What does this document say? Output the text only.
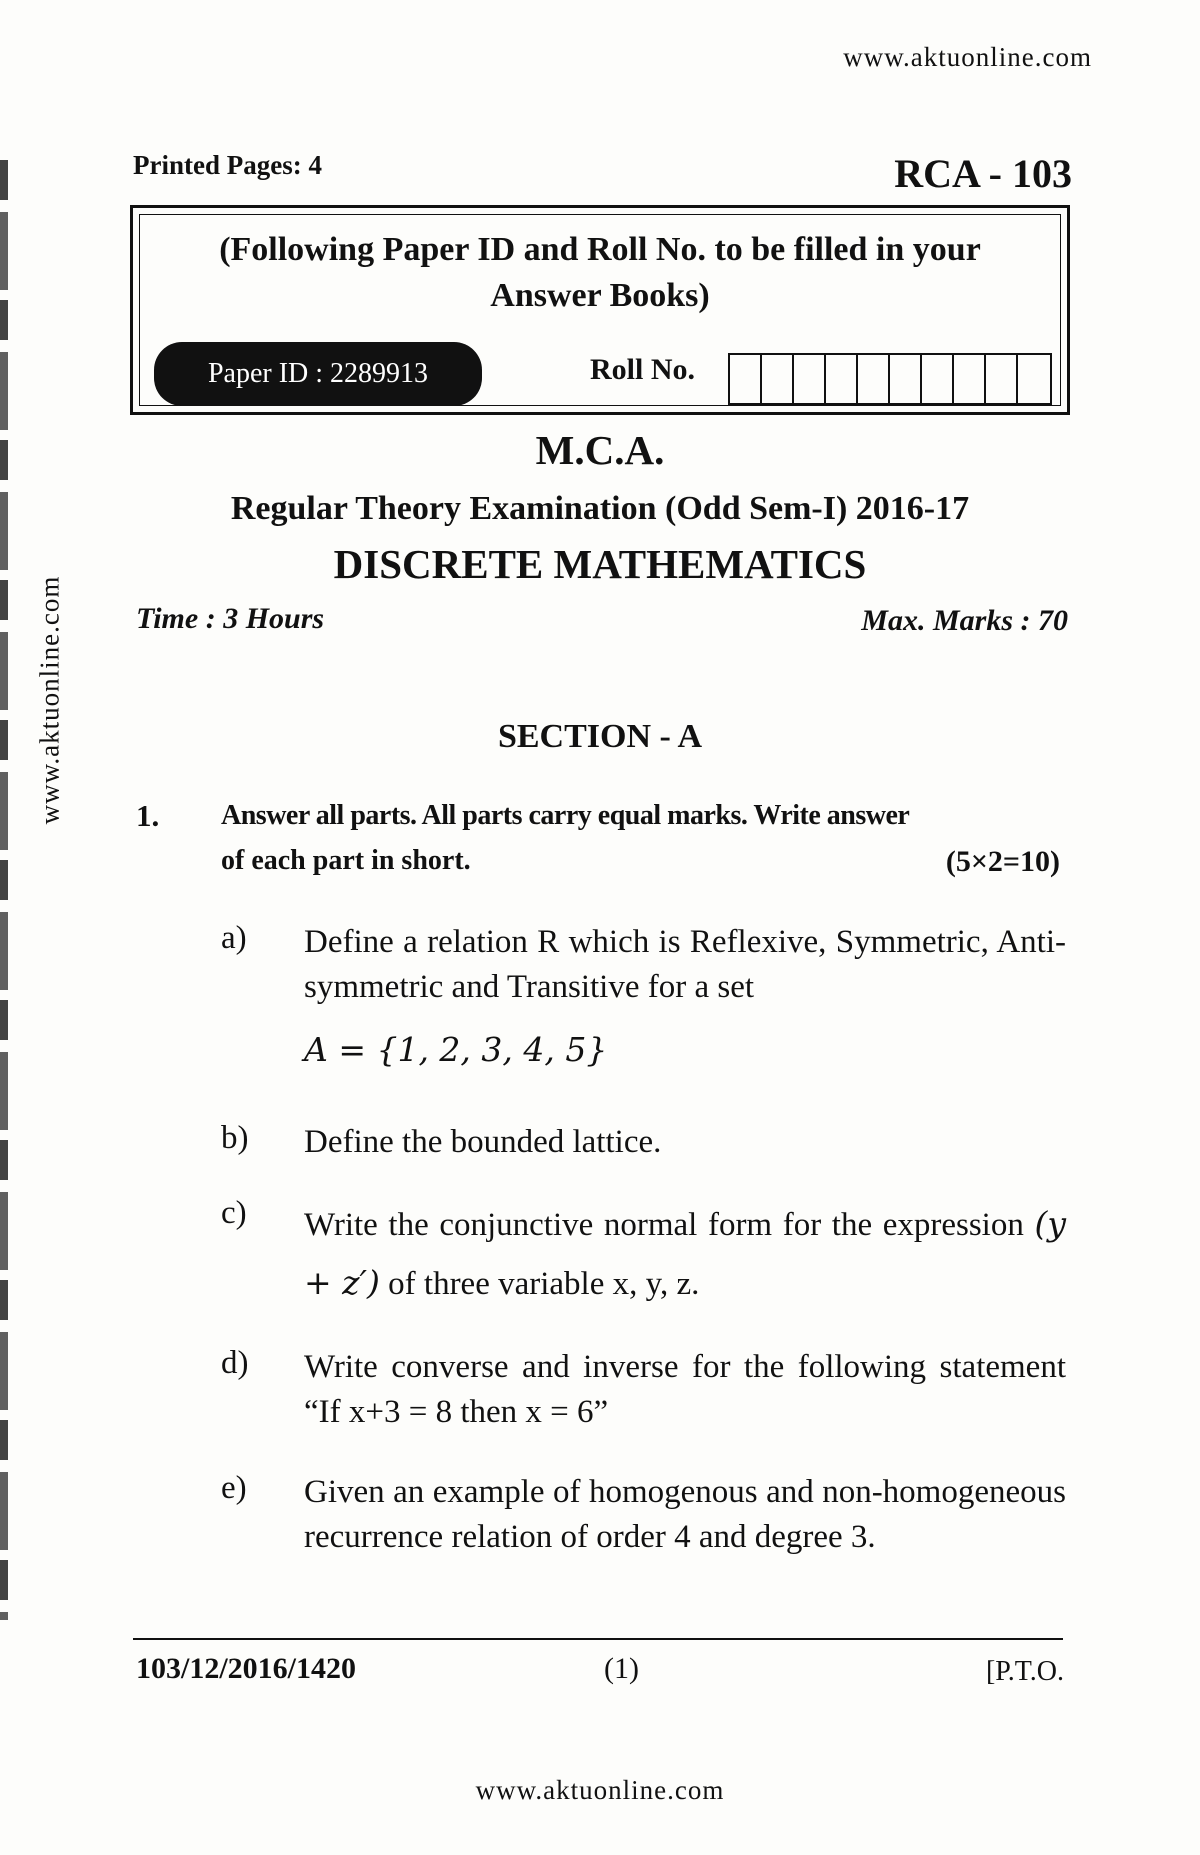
www.aktuonline.com
Printed Pages: 4	RCA - 103
(Following Paper ID and Roll No. to be filled in your
Answer Books)
Paper ID : 2289913	Roll No.
M.C.A.
Regular Theory Examination (Odd Sem-I) 2016-17
DISCRETE MATHEMATICS
Time : 3 Hours	Max. Marks : 70
www.aktuonline.com	SECTION - A
1. Answer all parts. All parts carry equal marks. Write answer
of each part in short.	(5×2=10)
a) Define a relation R which is Reflexive, Symmetric, Anti-symmetric and Transitive for a set
A = {1, 2, 3, 4, 5}
b) Define the bounded lattice.
c) Write the conjunctive normal form for the expression (y + z′) of three variable x, y, z.
d) Write converse and inverse for the following statement “If x+3 = 8 then x = 6”
e) Given an example of homogenous and non-homogeneous recurrence relation of order 4 and degree 3.
103/12/2016/1420	(1)	[P.T.O.
www.aktuonline.com
